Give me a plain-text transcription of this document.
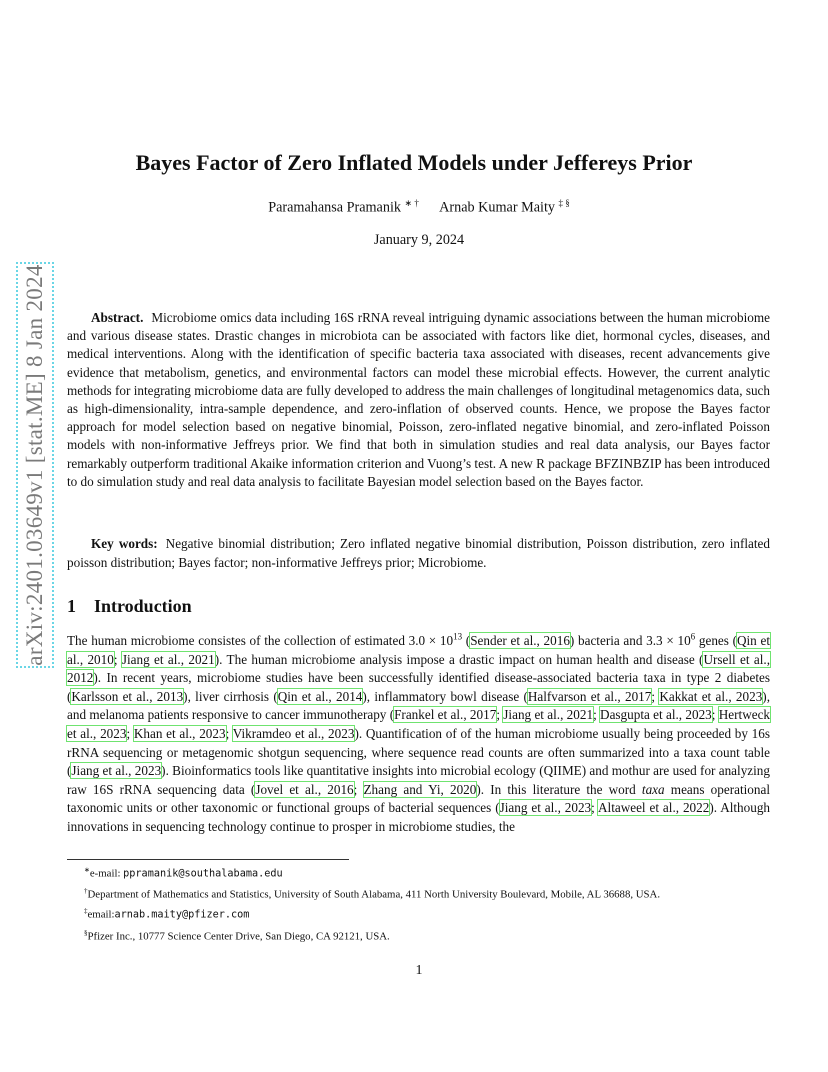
arXiv:2401.03649v1 [stat.ME] 8 Jan 2024
Bayes Factor of Zero Inflated Models under Jeffereys Prior
Paramahansa Pramanik ∗ † Arnab Kumar Maity ‡ §
January 9, 2024
Abstract. Microbiome omics data including 16S rRNA reveal intriguing dynamic associations between the human microbiome and various disease states. Drastic changes in microbiota can be associated with factors like diet, hormonal cycles, diseases, and medical interventions. Along with the identification of specific bacteria taxa associated with diseases, recent advancements give evidence that metabolism, genetics, and environmental factors can model these microbial effects. However, the current analytic methods for integrating microbiome data are fully developed to address the main challenges of longitudinal metagenomics data, such as high-dimensionality, intra-sample dependence, and zero-inflation of observed counts. Hence, we propose the Bayes factor approach for model selection based on negative binomial, Poisson, zero-inflated negative binomial, and zero-inflated Poisson models with non-informative Jeffreys prior. We find that both in simulation studies and real data analysis, our Bayes factor remarkably outperform traditional Akaike information criterion and Vuong’s test. A new R package BFZINBZIP has been introduced to do simulation study and real data analysis to facilitate Bayesian model selection based on the Bayes factor.
Key words: Negative binomial distribution; Zero inflated negative binomial distribution, Poisson distribution, zero inflated poisson distribution; Bayes factor; non-informative Jeffreys prior; Microbiome.
1 Introduction
The human microbiome consistes of the collection of estimated $3.0 \times 10^{13}$ (Sender et al., 2016) bacteria and $3.3 \times 10^6$ genes (Qin et al., 2010; Jiang et al., 2021). The human microbiome analysis impose a drastic impact on human health and disease (Ursell et al., 2012). In recent years, microbiome studies have been successfully identified disease-associated bacteria taxa in type 2 diabetes (Karlsson et al., 2013), liver cirrhosis (Qin et al., 2014), inflammatory bowl disease (Halfvarson et al., 2017; Kakkat et al., 2023), and melanoma patients responsive to cancer immunotherapy (Frankel et al., 2017; Jiang et al., 2021; Dasgupta et al., 2023; Hertweck et al., 2023; Khan et al., 2023; Vikramdeo et al., 2023). Quantification of of the human microbiome usually being proceeded by 16s rRNA sequencing or metagenomic shotgun sequencing, where sequence read counts are often summarized into a taxa count table (Jiang et al., 2023). Bioinformatics tools like quantitative insights into microbial ecology (QIIME) and mothur are used for analyzing raw 16S rRNA sequencing data (Jovel et al., 2016; Zhang and Yi, 2020). In this literature the word taxa means operational taxonomic units or other taxonomic or functional groups of bacterial sequences (Jiang et al., 2023; Altaweel et al., 2022). Although innovations in sequencing technology continue to prosper in microbiome studies, the
∗e-mail: ppramanik@southalabama.edu
†Department of Mathematics and Statistics, University of South Alabama, 411 North University Boulevard, Mobile, AL 36688, USA.
‡email:arnab.maity@pfizer.com
§Pfizer Inc., 10777 Science Center Drive, San Diego, CA 92121, USA.
1
